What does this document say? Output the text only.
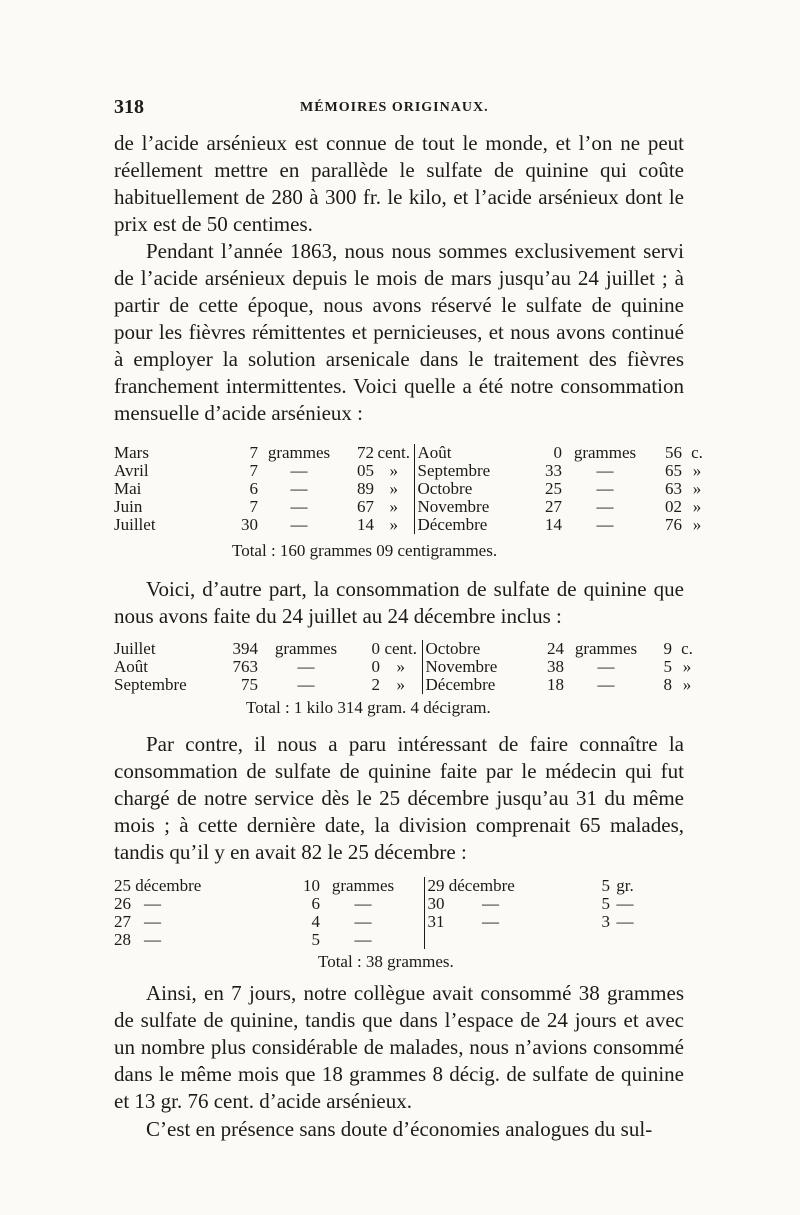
318	MÉMOIRES ORIGINAUX.

de l’acide arsénieux est connue de tout le monde, et l’on ne peut réellement mettre en parallède le sulfate de quinine qui coûte habituellement de 280 à 300 fr. le kilo, et l’acide arsénieux dont le prix est de 50 centimes.

Pendant l’année 1863, nous nous sommes exclusivement servi de l’acide arsénieux depuis le mois de mars jusqu’au 24 juillet ; à partir de cette époque, nous avons réservé le sulfate de quinine pour les fièvres rémittentes et pernicieuses, et nous avons continué à employer la solution arsenicale dans le traitement des fièvres franchement intermittentes. Voici quelle a été notre consommation mensuelle d’acide arsénieux :

Mars	7	grammes	72	cent.	Août	0	grammes	56	c.
Avril	7	—	05	»	Septembre	33	—	65	»
Mai	6	—	89	»	Octobre	25	—	63	»
Juin	7	—	67	»	Novembre	27	—	02	»
Juillet	30	—	14	»	Décembre	14	—	76	»
Total : 160 grammes 09 centigrammes.

Voici, d’autre part, la consommation de sulfate de quinine que nous avons faite du 24 juillet au 24 décembre inclus :

Juillet	394	grammes	0	cent.	Octobre	24	grammes	9	c.
Août	763	—	0	»	Novembre	38	—	5	»
Septembre	75	—	2	»	Décembre	18	—	8	»
Total : 1 kilo 314 gram. 4 décigram.

Par contre, il nous a paru intéressant de faire connaître la consommation de sulfate de quinine faite par le médecin qui fut chargé de notre service dès le 25 décembre jusqu’au 31 du même mois ; à cette dernière date, la division comprenait 65 malades, tandis qu’il y en avait 82 le 25 décembre :

25 décembre		10	grammes		29 décembre		5	gr.
26	—	6	—		30	—	5	—
27	—	4	—		31	—	3	—
28	—	5	—					
Total : 38 grammes.

Ainsi, en 7 jours, notre collègue avait consommé 38 grammes de sulfate de quinine, tandis que dans l’espace de 24 jours et avec un nombre plus considérable de malades, nous n’avions consommé dans le même mois que 18 grammes 8 décig. de sulfate de quinine et 13 gr. 76 cent. d’acide arsénieux.

C’est en présence sans doute d’économies analogues du sul-
